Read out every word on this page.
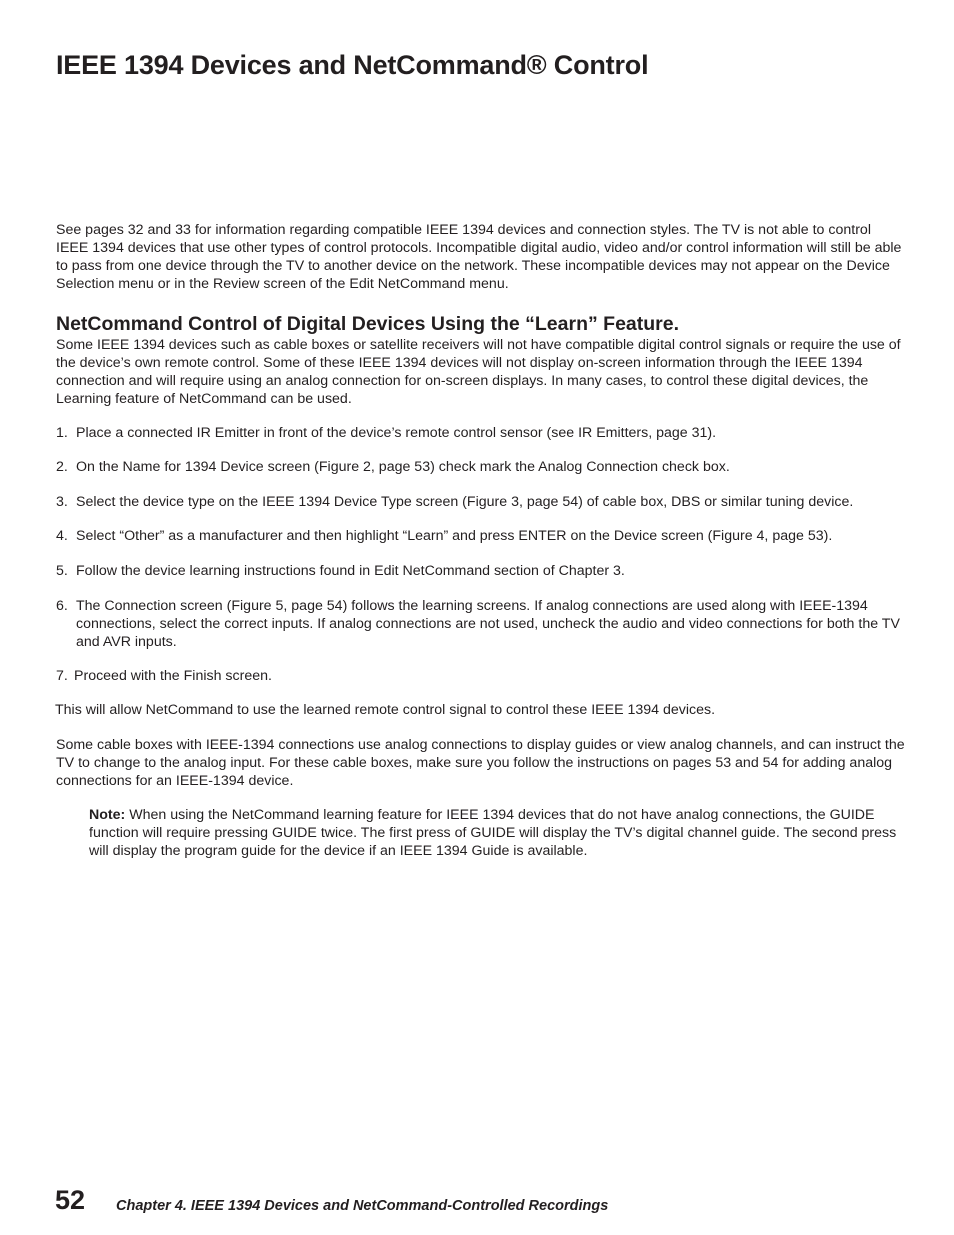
IEEE 1394 Devices and NetCommand® Control

See pages 32 and 33 for information regarding compatible IEEE 1394 devices and connection styles. The TV is not able to control IEEE 1394 devices that use other types of control protocols. Incompatible digital audio, video and/or control information will still be able to pass from one device through the TV to another device on the network. These incompatible devices may not appear on the Device Selection menu or in the Review screen of the Edit NetCommand menu.

NetCommand Control of Digital Devices Using the “Learn” Feature.

Some IEEE 1394 devices such as cable boxes or satellite receivers will not have compatible digital control signals or require the use of the device’s own remote control. Some of these IEEE 1394 devices will not display on-screen information through the IEEE 1394 connection and will require using an analog connection for on-screen displays. In many cases, to control these digital devices, the Learning feature of NetCommand can be used.

1. Place a connected IR Emitter in front of the device’s remote control sensor (see IR Emitters, page 31).
2. On the Name for 1394 Device screen (Figure 2, page 53) check mark the Analog Connection check box.
3. Select the device type on the IEEE 1394 Device Type screen (Figure 3, page 54) of cable box, DBS or similar tuning device.
4. Select “Other” as a manufacturer and then highlight “Learn” and press ENTER on the Device screen (Figure 4, page 53).
5. Follow the device learning instructions found in Edit NetCommand section of Chapter 3.
6. The Connection screen (Figure 5, page 54) follows the learning screens. If analog connections are used along with IEEE-1394 connections, select the correct inputs. If analog connections are not used, uncheck the audio and video connections for both the TV and AVR inputs.
7. Proceed with the Finish screen.

This will allow NetCommand to use the learned remote control signal to control these IEEE 1394 devices.

Some cable boxes with IEEE-1394 connections use analog connections to display guides or view analog channels, and can instruct the TV to change to the analog input. For these cable boxes, make sure you follow the instructions on pages 53 and 54 for adding analog connections for an IEEE-1394 device.

Note: When using the NetCommand learning feature for IEEE 1394 devices that do not have analog connections, the GUIDE function will require pressing GUIDE twice. The first press of GUIDE will display the TV’s digital channel guide. The second press will display the program guide for the device if an IEEE 1394 Guide is available.

52 Chapter 4. IEEE 1394 Devices and NetCommand-Controlled Recordings
